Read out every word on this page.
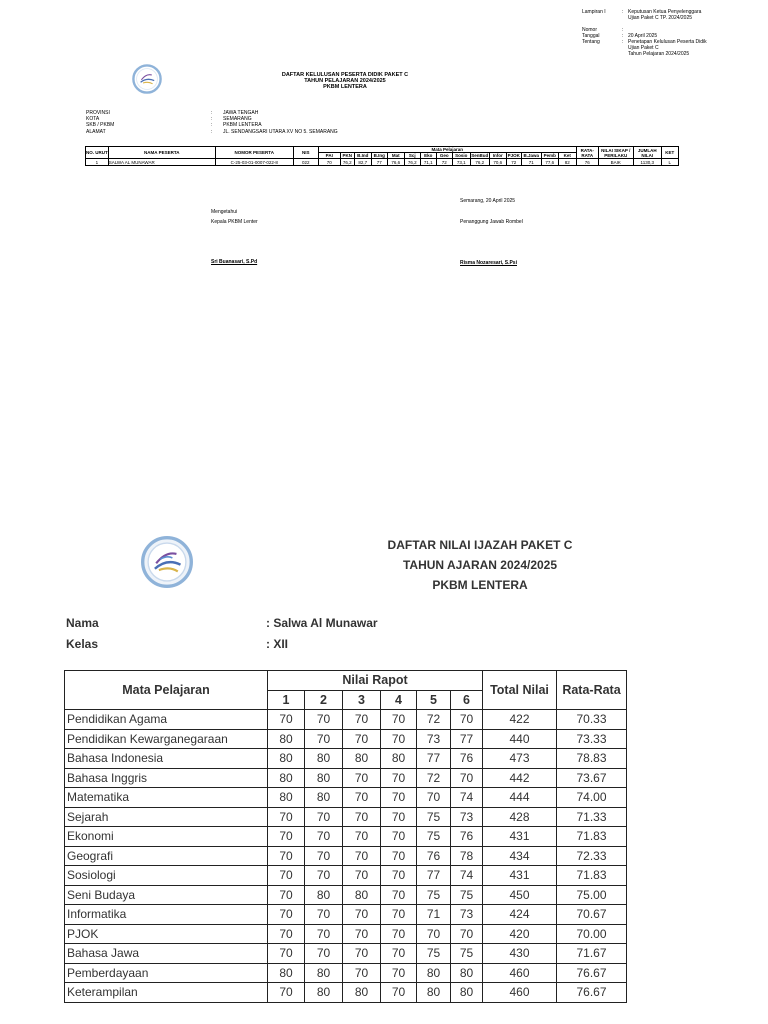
Lampiran I	: Keputusan Ketua Penyelenggara
Ujian Paket C TP. 2024/2025
Nomor	:
Tanggal	: 20 April 2025
Tentang	: Penetapan Kelulusan Peserta Didik
Ujian Paket C
Tahun Pelajaran 2024/2025
DAFTAR KELULUSAN PESERTA DIDIK PAKET C
TAHUN PELAJARAN 2024/2025
PKBM LENTERA
PROVINSI	:	JAWA TENGAH
KOTA	:	SEMARANG
SKB / PKBM	:	PKBM LENTERA
ALAMAT	:	JL. SENDANGSARI UTARA XV NO 5. SEMARANG
NO. URUT	NAMA PESERTA	NOMOR PESERTA	NIS	Mata Pelajaran															RATA-RATA	NILAI SIKAP / PERILAKU	JUMLAH NILAI	KET
				PAI	PKN	B.Ind	B.Ing	Mat	Scj	Eko	Geo	Sosio	SenBud	Infor	PJOK	B.Jawa	Pemb	Ket				
1	SALWA AL MUNAWAR	C-25-03-01-0007-022-8	022	70	76,2	82,7	77	76,6	76,2	71,1	72	73,1	76,2	70,6	72	71	77,6	82	76	BAIK	1130,3	L
Semarang, 20 April 2025
Mengetahui
Kepala PKBM Lenter	Penanggung Jawab Rombel
Sri Buanasari, S.Pd	Risma Nozaresari, S.Psi
DAFTAR NILAI IJAZAH PAKET C
TAHUN AJARAN 2024/2025
PKBM LENTERA
Nama	: Salwa Al Munawar
Kelas	: XII
Mata Pelajaran	Nilai Rapot						Total Nilai	Rata-Rata
	1	2	3	4	5	6		
Pendidikan Agama	70	70	70	70	72	70	422	70.33
Pendidikan Kewarganegaraan	80	70	70	70	73	77	440	73.33
Bahasa Indonesia	80	80	80	80	77	76	473	78.83
Bahasa Inggris	80	80	70	70	72	70	442	73.67
Matematika	80	80	70	70	70	74	444	74.00
Sejarah	70	70	70	70	75	73	428	71.33
Ekonomi	70	70	70	70	75	76	431	71.83
Geografi	70	70	70	70	76	78	434	72.33
Sosiologi	70	70	70	70	77	74	431	71.83
Seni Budaya	70	80	80	70	75	75	450	75.00
Informatika	70	70	70	70	71	73	424	70.67
PJOK	70	70	70	70	70	70	420	70.00
Bahasa Jawa	70	70	70	70	75	75	430	71.67
Pemberdayaan	80	80	70	70	80	80	460	76.67
Keterampilan	70	80	80	70	80	80	460	76.67
